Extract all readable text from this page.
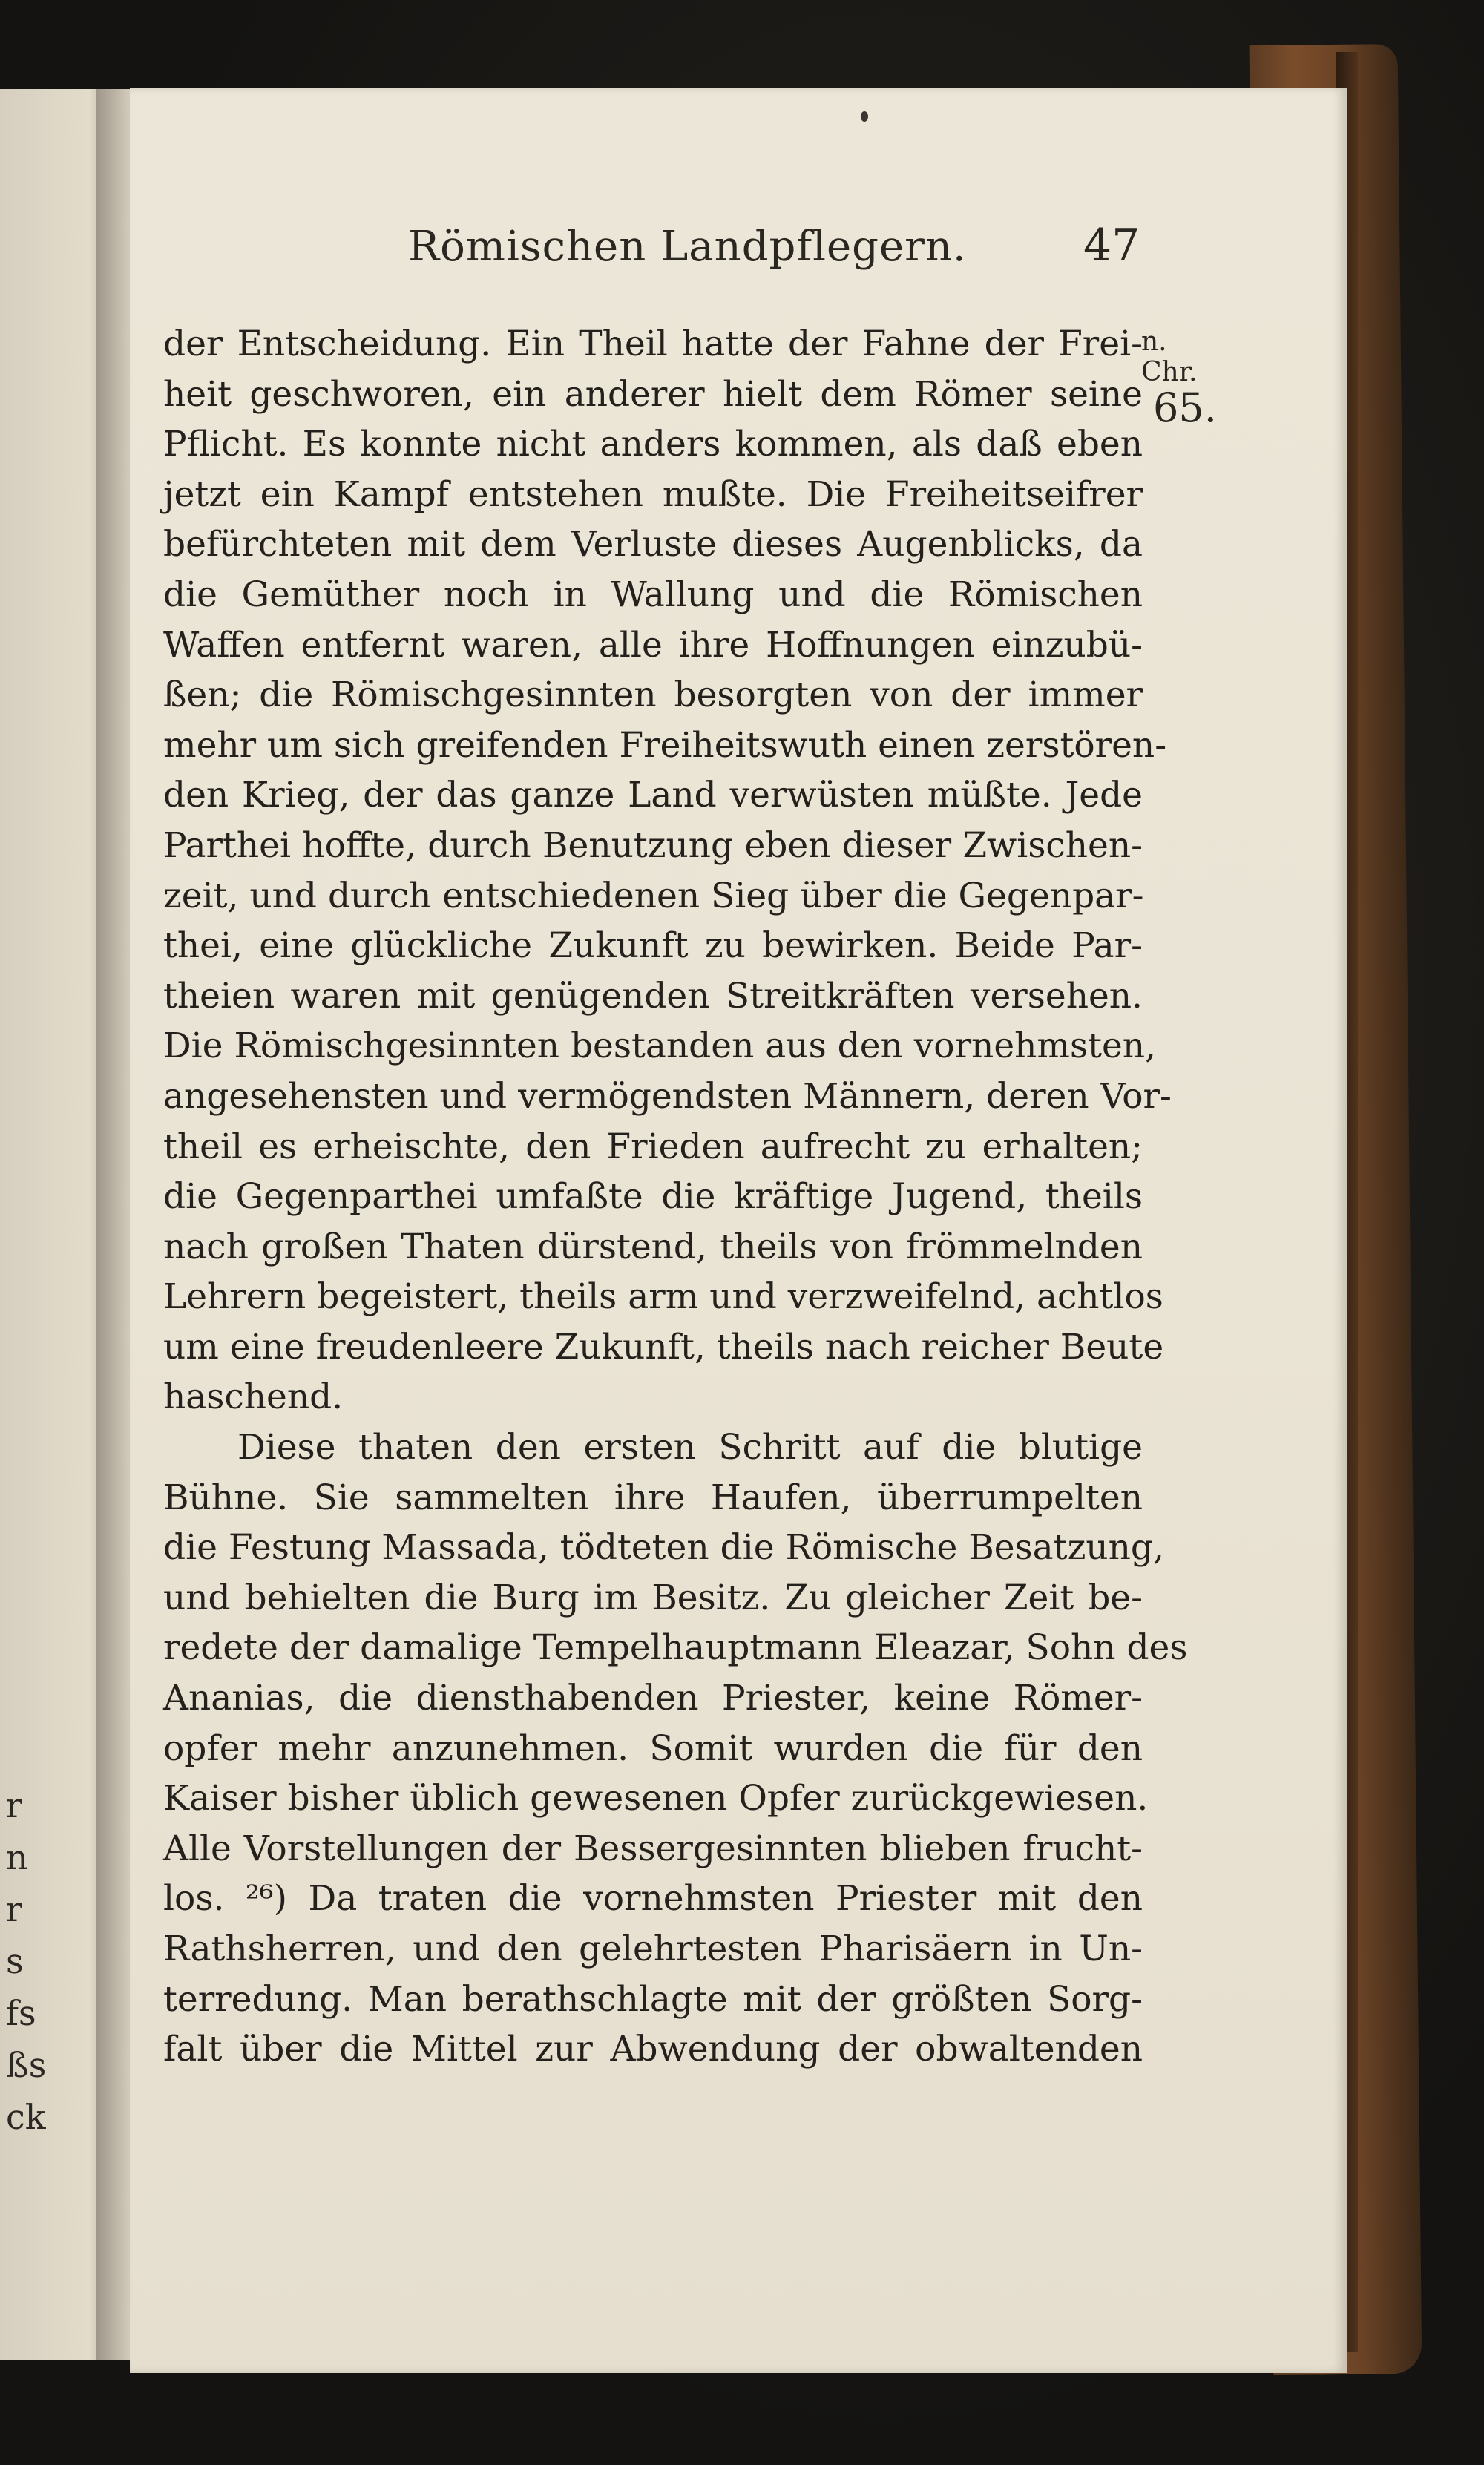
r
n
r
s
fs
ßs
ck
Römischen Landpflegern.	47
n. Chr.
65.
der Entscheidung. Ein Theil hatte der Fahne der Frei-
heit geschworen, ein anderer hielt dem Römer seine
Pflicht. Es konnte nicht anders kommen, als daß eben
jetzt ein Kampf entstehen mußte. Die Freiheitseifrer
befürchteten mit dem Verluste dieses Augenblicks, da
die Gemüther noch in Wallung und die Römischen
Waffen entfernt waren, alle ihre Hoffnungen einzubü-
ßen; die Römischgesinnten besorgten von der immer
mehr um sich greifenden Freiheitswuth einen zerstören-
den Krieg, der das ganze Land verwüsten müßte. Jede
Parthei hoffte, durch Benutzung eben dieser Zwischen-
zeit, und durch entschiedenen Sieg über die Gegenpar-
thei, eine glückliche Zukunft zu bewirken. Beide Par-
theien waren mit genügenden Streitkräften versehen.
Die Römischgesinnten bestanden aus den vornehmsten,
angesehensten und vermögendsten Männern, deren Vor-
theil es erheischte, den Frieden aufrecht zu erhalten;
die Gegenparthei umfaßte die kräftige Jugend, theils
nach großen Thaten dürstend, theils von frömmelnden
Lehrern begeistert, theils arm und verzweifelnd, achtlos
um eine freudenleere Zukunft, theils nach reicher Beute
haschend.
Diese thaten den ersten Schritt auf die blutige
Bühne. Sie sammelten ihre Haufen, überrumpelten
die Festung Massada, tödteten die Römische Besatzung,
und behielten die Burg im Besitz. Zu gleicher Zeit be-
redete der damalige Tempelhauptmann Eleazar, Sohn des
Ananias, die diensthabenden Priester, keine Römer-
opfer mehr anzunehmen. Somit wurden die für den
Kaiser bisher üblich gewesenen Opfer zurückgewiesen.
Alle Vorstellungen der Bessergesinnten blieben frucht-
los. ²⁶) Da traten die vornehmsten Priester mit den
Rathsherren, und den gelehrtesten Pharisäern in Un-
terredung. Man berathschlagte mit der größten Sorg-
falt über die Mittel zur Abwendung der obwaltenden
